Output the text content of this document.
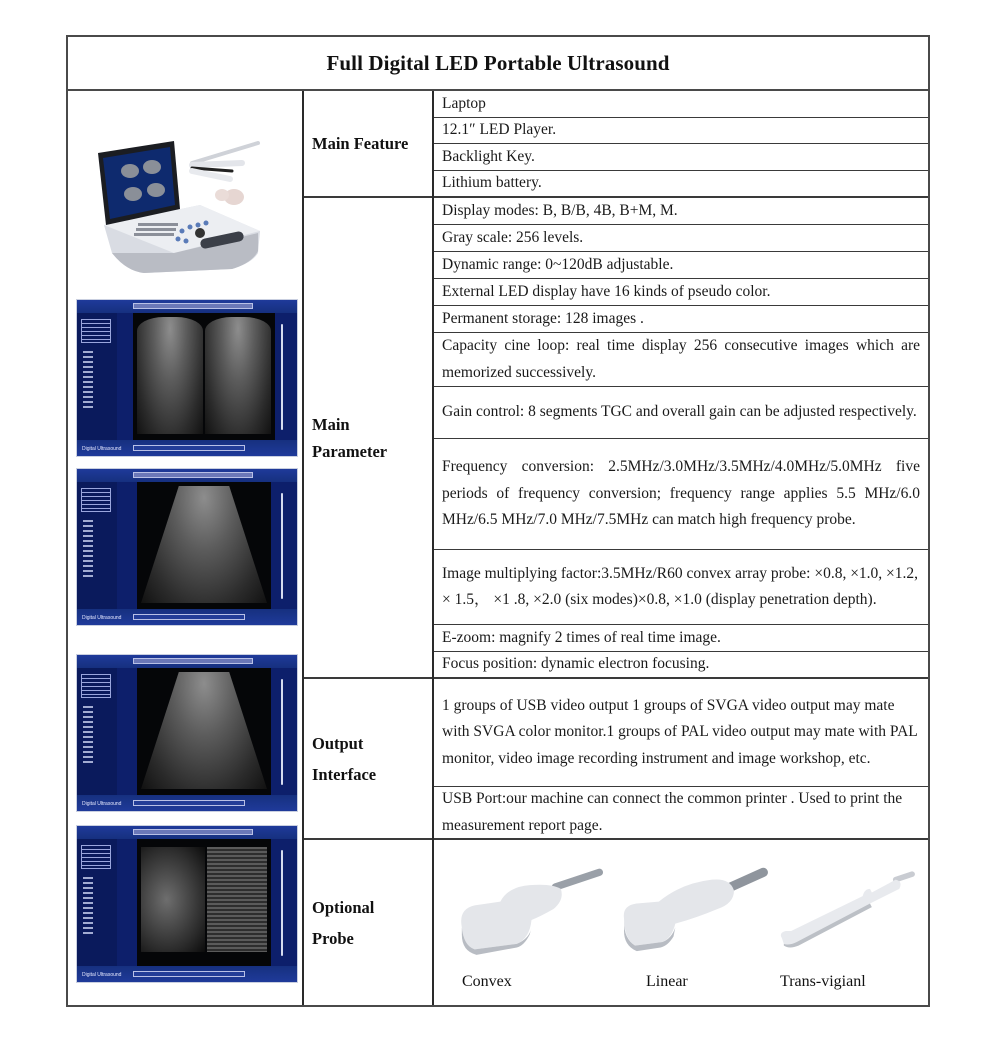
Full Digital LED Portable Ultrasound
Digital Ultrasound
Digital Ultrasound
Digital Ultrasound
Digital Ultrasound
Main Feature
Main
Parameter
Output
Interface
Optional
Probe
Laptop
12.1″ LED Player.
Backlight Key.
Lithium battery.
Display modes: B, B/B, 4B, B+M, M.
Gray scale: 256 levels.
Dynamic range: 0~120dB adjustable.
External LED display have 16 kinds of pseudo color.
Permanent storage: 128 images .
Capacity cine loop: real time display 256 consecutive images which are memorized successively.
Gain control: 8 segments TGC and overall gain can be adjusted respectively.
Frequency conversion: 2.5MHz/3.0MHz/3.5MHz/4.0MHz/5.0MHz five periods of frequency conversion; frequency range applies 5.5 MHz/6.0 MHz/6.5 MHz/7.0 MHz/7.5MHz can match high frequency probe.
Image multiplying factor:3.5MHz/R60 convex array probe: ×0.8, ×1.0, ×1.2, × 1.5， ×1 .8, ×2.0 (six modes)×0.8, ×1.0 (display penetration depth).
E-zoom: magnify 2 times of real time image.
Focus position: dynamic electron focusing.
1 groups of USB video output 1 groups of SVGA video output may mate with SVGA color monitor.1 groups of PAL video output may mate with PAL monitor, video image recording instrument and image workshop, etc.
USB Port:our machine can connect the common printer . Used to print the measurement report page.
Convex	Linear	Trans-vigianl
